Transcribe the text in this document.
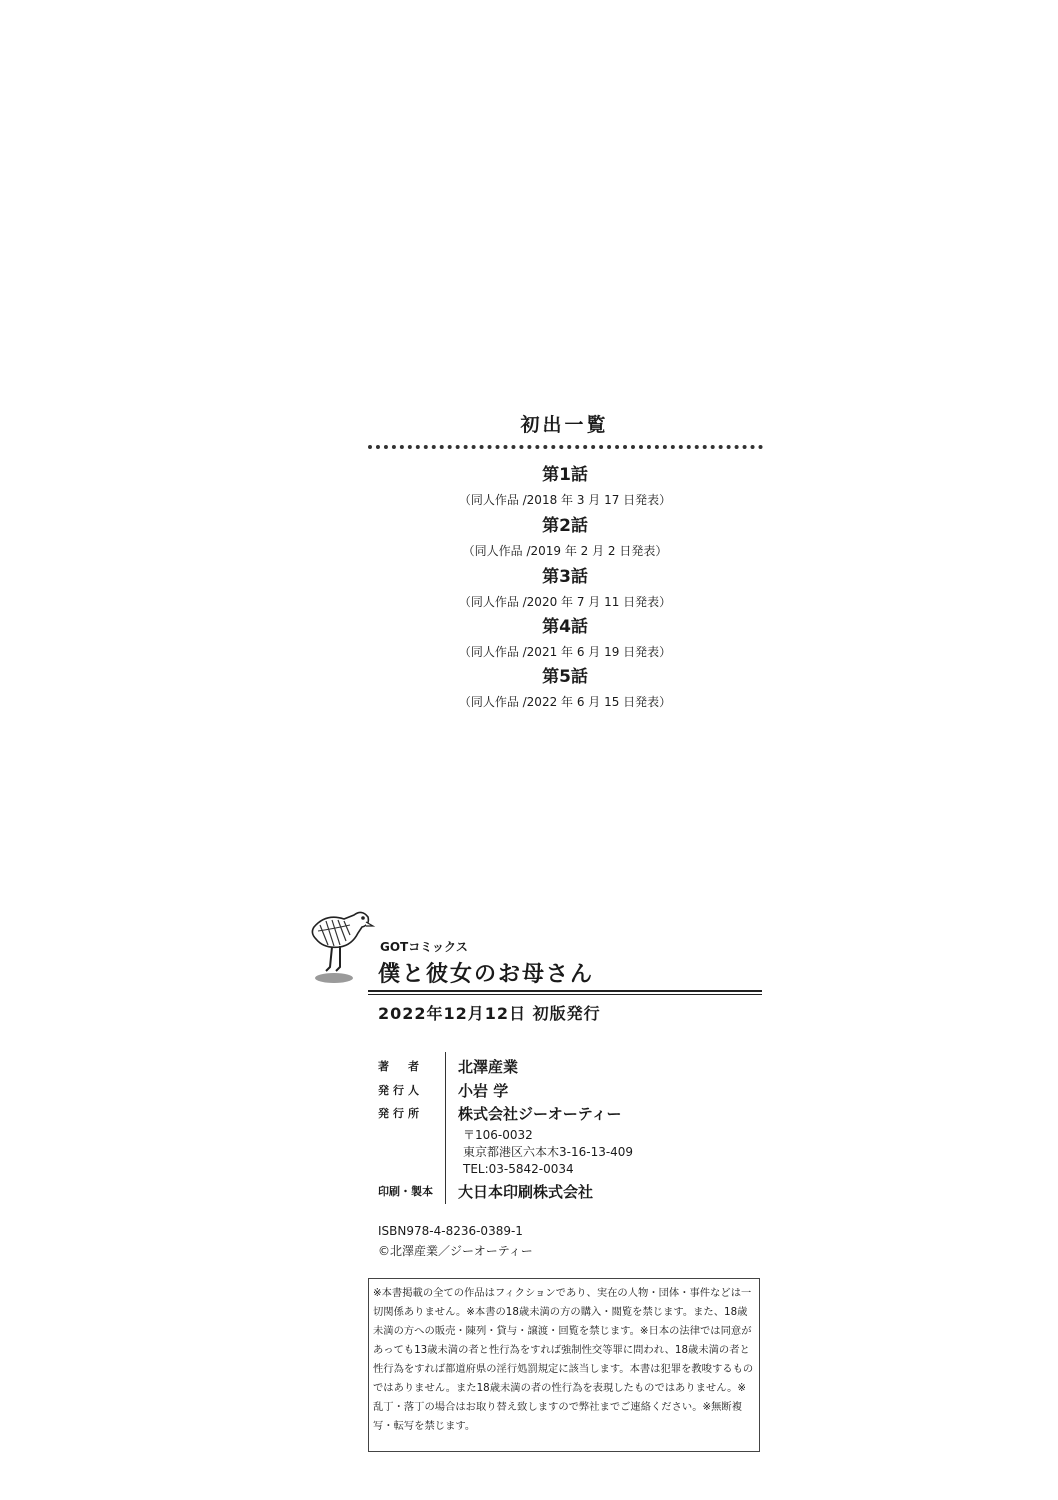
初出一覧
第1話
（同人作品 /2018 年 3 月 17 日発表）
第2話
（同人作品 /2019 年 2 月 2 日発表）
第3話
（同人作品 /2020 年 7 月 11 日発表）
第4話
（同人作品 /2021 年 6 月 19 日発表）
第5話
（同人作品 /2022 年 6 月 15 日発表）
GOTコミックス
僕と彼女のお母さん
2022年12月12日 初版発行
著　者	北澤産業
発行人	小岩 学
発行所	株式会社ジーオーティー
〒106-0032
東京都港区六本木3-16-13-409
TEL:03-5842-0034
印刷・製本	大日本印刷株式会社
ISBN978-4-8236-0389-1
©北澤産業／ジーオーティー
※本書掲載の全ての作品はフィクションであり、実在の人物・団体・事件などは一切関係ありません。※本書の18歳未満の方の購入・閲覧を禁じます。また、18歳未満の方への販売・陳列・貸与・譲渡・回覧を禁じます。※日本の法律では同意があっても13歳未満の者と性行為をすれば強制性交等罪に問われ、18歳未満の者と性行為をすれば都道府県の淫行処罰規定に該当します。本書は犯罪を教唆するものではありません。また18歳未満の者の性行為を表現したものではありません。※乱丁・落丁の場合はお取り替え致しますので弊社までご連絡ください。※無断複写・転写を禁じます。
